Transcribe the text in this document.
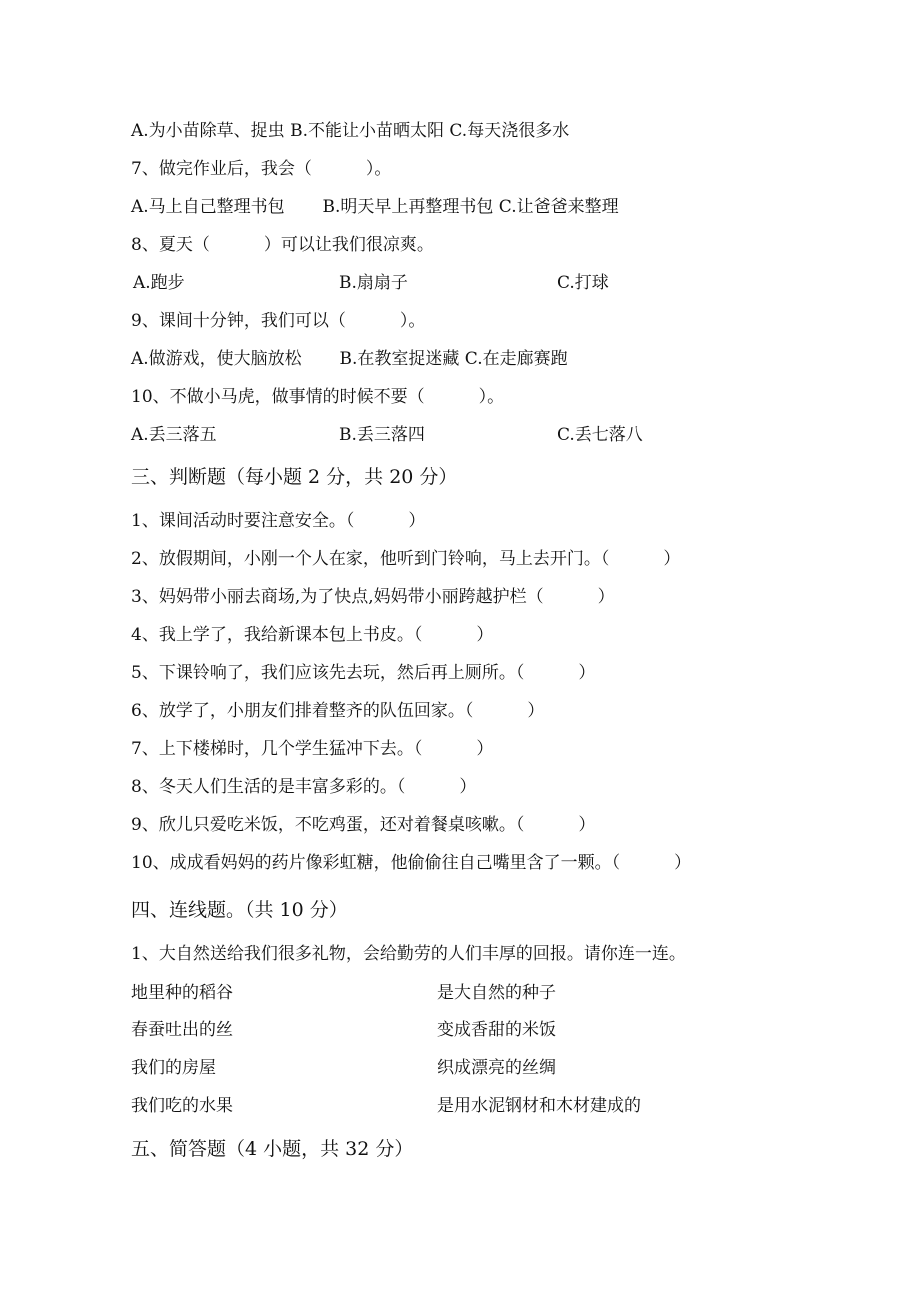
A.为小苗除草、捉虫 B.不能让小苗晒太阳 C.每天浇很多水
7、做完作业后，我会（          ）。
A.马上自己整理书包       B.明天早上再整理书包 C.让爸爸来整理
8、夏天（          ）可以让我们很凉爽。
A.跑步	B.扇扇子	C.打球
9、课间十分钟，我们可以（          ）。
A.做游戏，使大脑放松       B.在教室捉迷藏 C.在走廊赛跑
10、不做小马虎，做事情的时候不要（          ）。
A.丢三落五	B.丢三落四	C.丢七落八
三、判断题（每小题 2 分，共 20 分）
1、课间活动时要注意安全。（          ）
2、放假期间，小刚一个人在家，他听到门铃响，马上去开门。（          ）
3、妈妈带小丽去商场,为了快点,妈妈带小丽跨越护栏（          ）
4、我上学了，我给新课本包上书皮。（          ）
5、下课铃响了，我们应该先去玩，然后再上厕所。（          ）
6、放学了，小朋友们排着整齐的队伍回家。（          ）
7、上下楼梯时，几个学生猛冲下去。（          ）
8、冬天人们生活的是丰富多彩的。（          ）
9、欣儿只爱吃米饭，不吃鸡蛋，还对着餐桌咳嗽。（          ）
10、成成看妈妈的药片像彩虹糖，他偷偷往自己嘴里含了一颗。（          ）
四、连线题。（共 10 分）
1、大自然送给我们很多礼物，会给勤劳的人们丰厚的回报。请你连一连。
地里种的稻谷	是大自然的种子
春蚕吐出的丝	变成香甜的米饭
我们的房屋	织成漂亮的丝绸
我们吃的水果	是用水泥钢材和木材建成的
五、简答题（4 小题，共 32 分）
